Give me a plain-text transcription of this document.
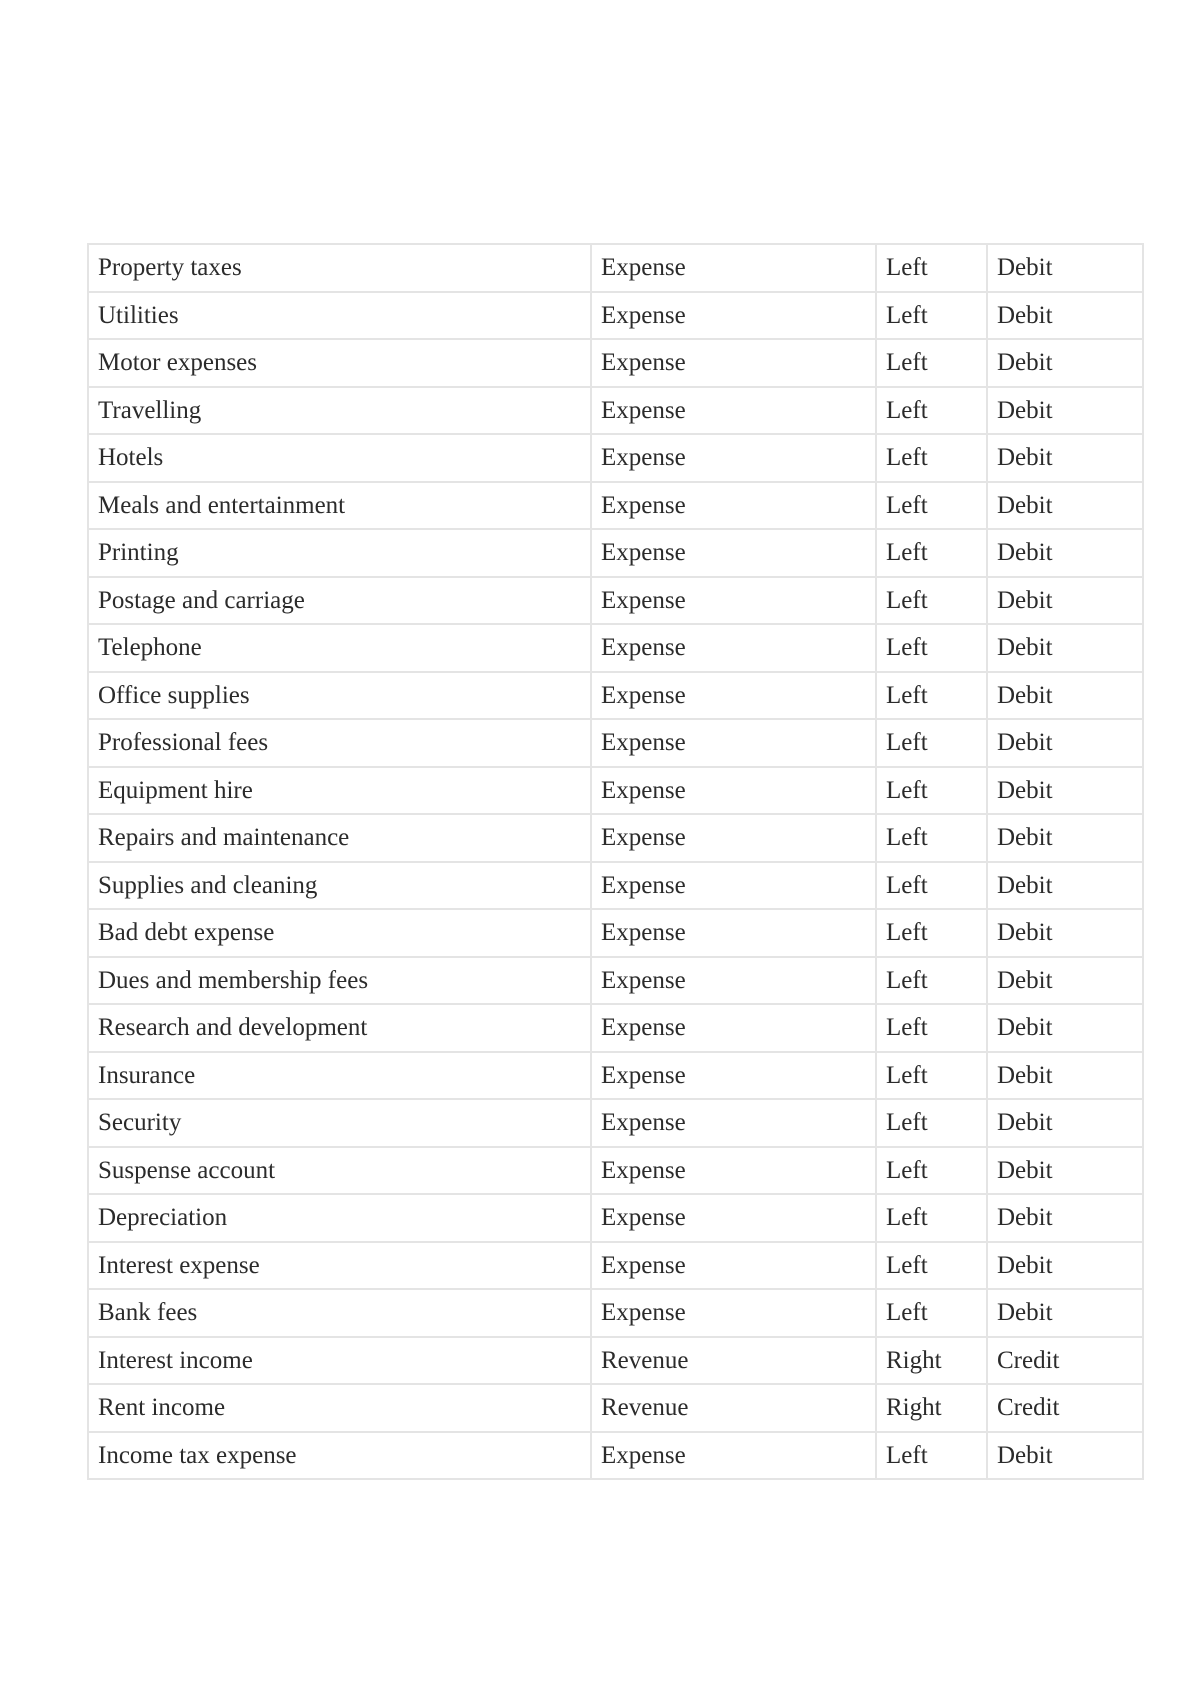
Property taxes	Expense	Left	Debit
Utilities	Expense	Left	Debit
Motor expenses	Expense	Left	Debit
Travelling	Expense	Left	Debit
Hotels	Expense	Left	Debit
Meals and entertainment	Expense	Left	Debit
Printing	Expense	Left	Debit
Postage and carriage	Expense	Left	Debit
Telephone	Expense	Left	Debit
Office supplies	Expense	Left	Debit
Professional fees	Expense	Left	Debit
Equipment hire	Expense	Left	Debit
Repairs and maintenance	Expense	Left	Debit
Supplies and cleaning	Expense	Left	Debit
Bad debt expense	Expense	Left	Debit
Dues and membership fees	Expense	Left	Debit
Research and development	Expense	Left	Debit
Insurance	Expense	Left	Debit
Security	Expense	Left	Debit
Suspense account	Expense	Left	Debit
Depreciation	Expense	Left	Debit
Interest expense	Expense	Left	Debit
Bank fees	Expense	Left	Debit
Interest income	Revenue	Right	Credit
Rent income	Revenue	Right	Credit
Income tax expense	Expense	Left	Debit
